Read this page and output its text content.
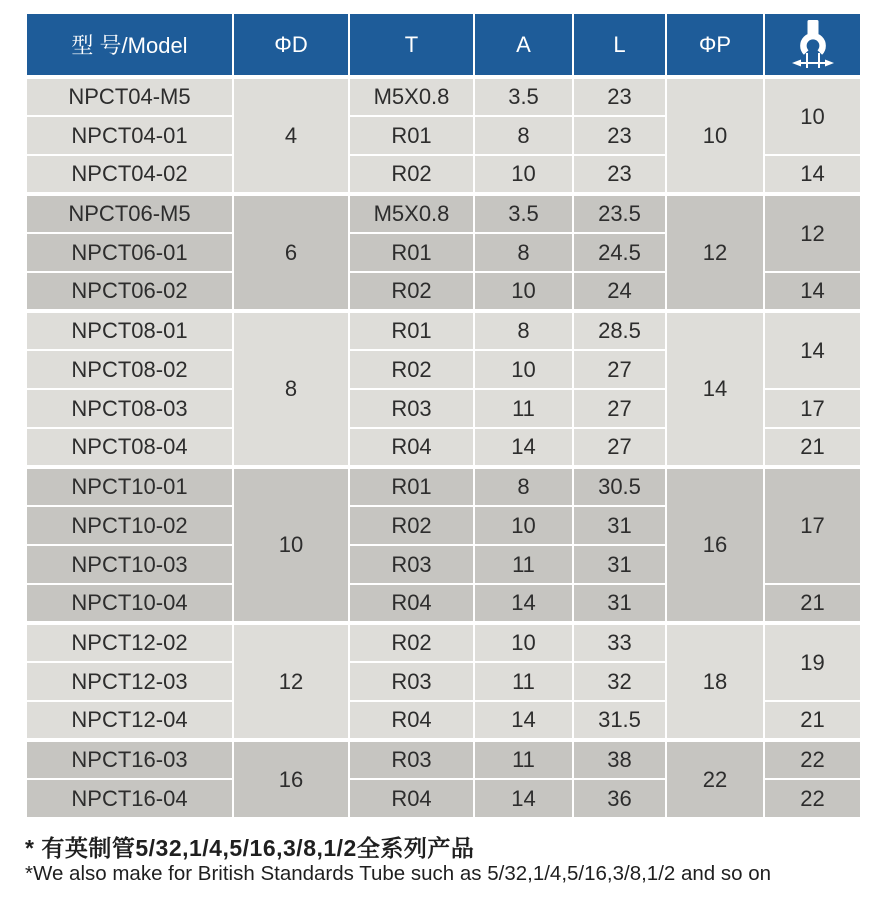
型 号/Model	ΦD	T	A	L	ΦP	

NPCT04-M5	4	M5X0.8	3.5	23	10	10
NPCT04-01		R01	8	23		
NPCT04-02		R02	10	23		14
NPCT06-M5	6	M5X0.8	3.5	23.5	12	12
NPCT06-01		R01	8	24.5		
NPCT06-02		R02	10	24		14
NPCT08-01	8	R01	8	28.5	14	14
NPCT08-02		R02	10	27		
NPCT08-03		R03	11	27		17
NPCT08-04		R04	14	27		21
NPCT10-01	10	R01	8	30.5	16	17
NPCT10-02		R02	10	31		
NPCT10-03		R03	11	31		
NPCT10-04		R04	14	31		21
NPCT12-02	12	R02	10	33	18	19
NPCT12-03		R03	11	32		
NPCT12-04		R04	14	31.5		21
NPCT16-03	16	R03	11	38	22	22
NPCT16-04		R04	14	36		22
* 有英制管5/32,1/4,5/16,3/8,1/2全系列产品
*We also make for British Standards Tube such as 5/32,1/4,5/16,3/8,1/2 and so on
